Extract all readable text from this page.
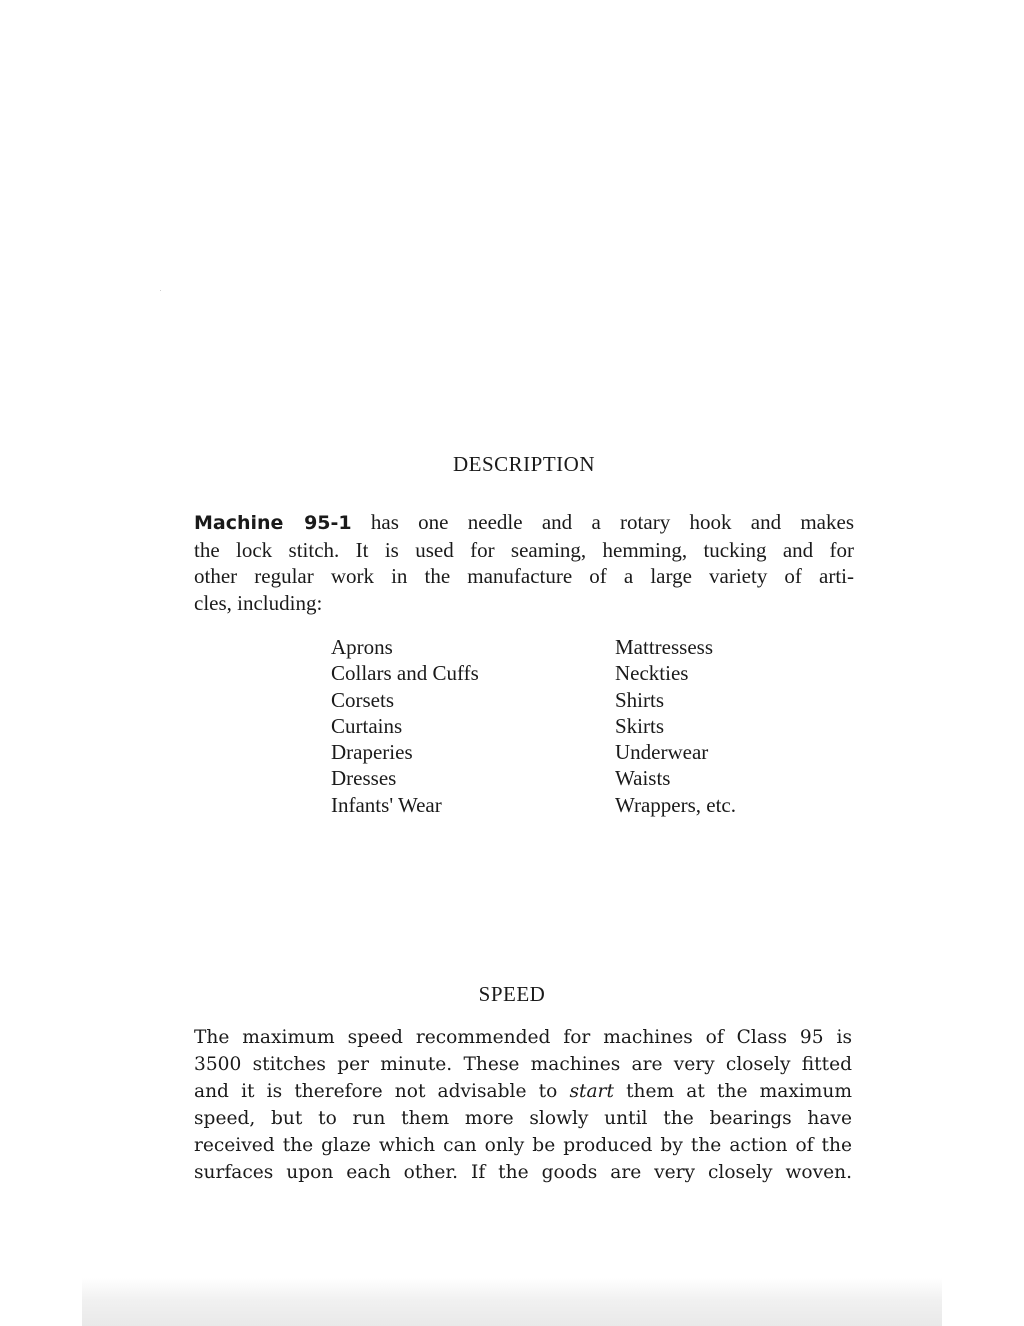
DESCRIPTION

Machine 95-1 has one needle and a rotary hook and makes
the lock stitch. It is used for seaming, hemming, tucking and for
other regular work in the manufacture of a large variety of arti-
cles, including:

Aprons
Collars and Cuffs
Corsets
Curtains
Draperies
Dresses
Infants' Wear
Mattressess
Neckties
Shirts
Skirts
Underwear
Waists
Wrappers, etc.
SPEED

The maximum speed recommended for machines of Class 95 is
3500 stitches per minute. These machines are very closely fitted
and it is therefore not advisable to start them at the maximum
speed, but to run them more slowly until the bearings have
received the glaze which can only be produced by the action of the
surfaces upon each other. If the goods are very closely woven.
